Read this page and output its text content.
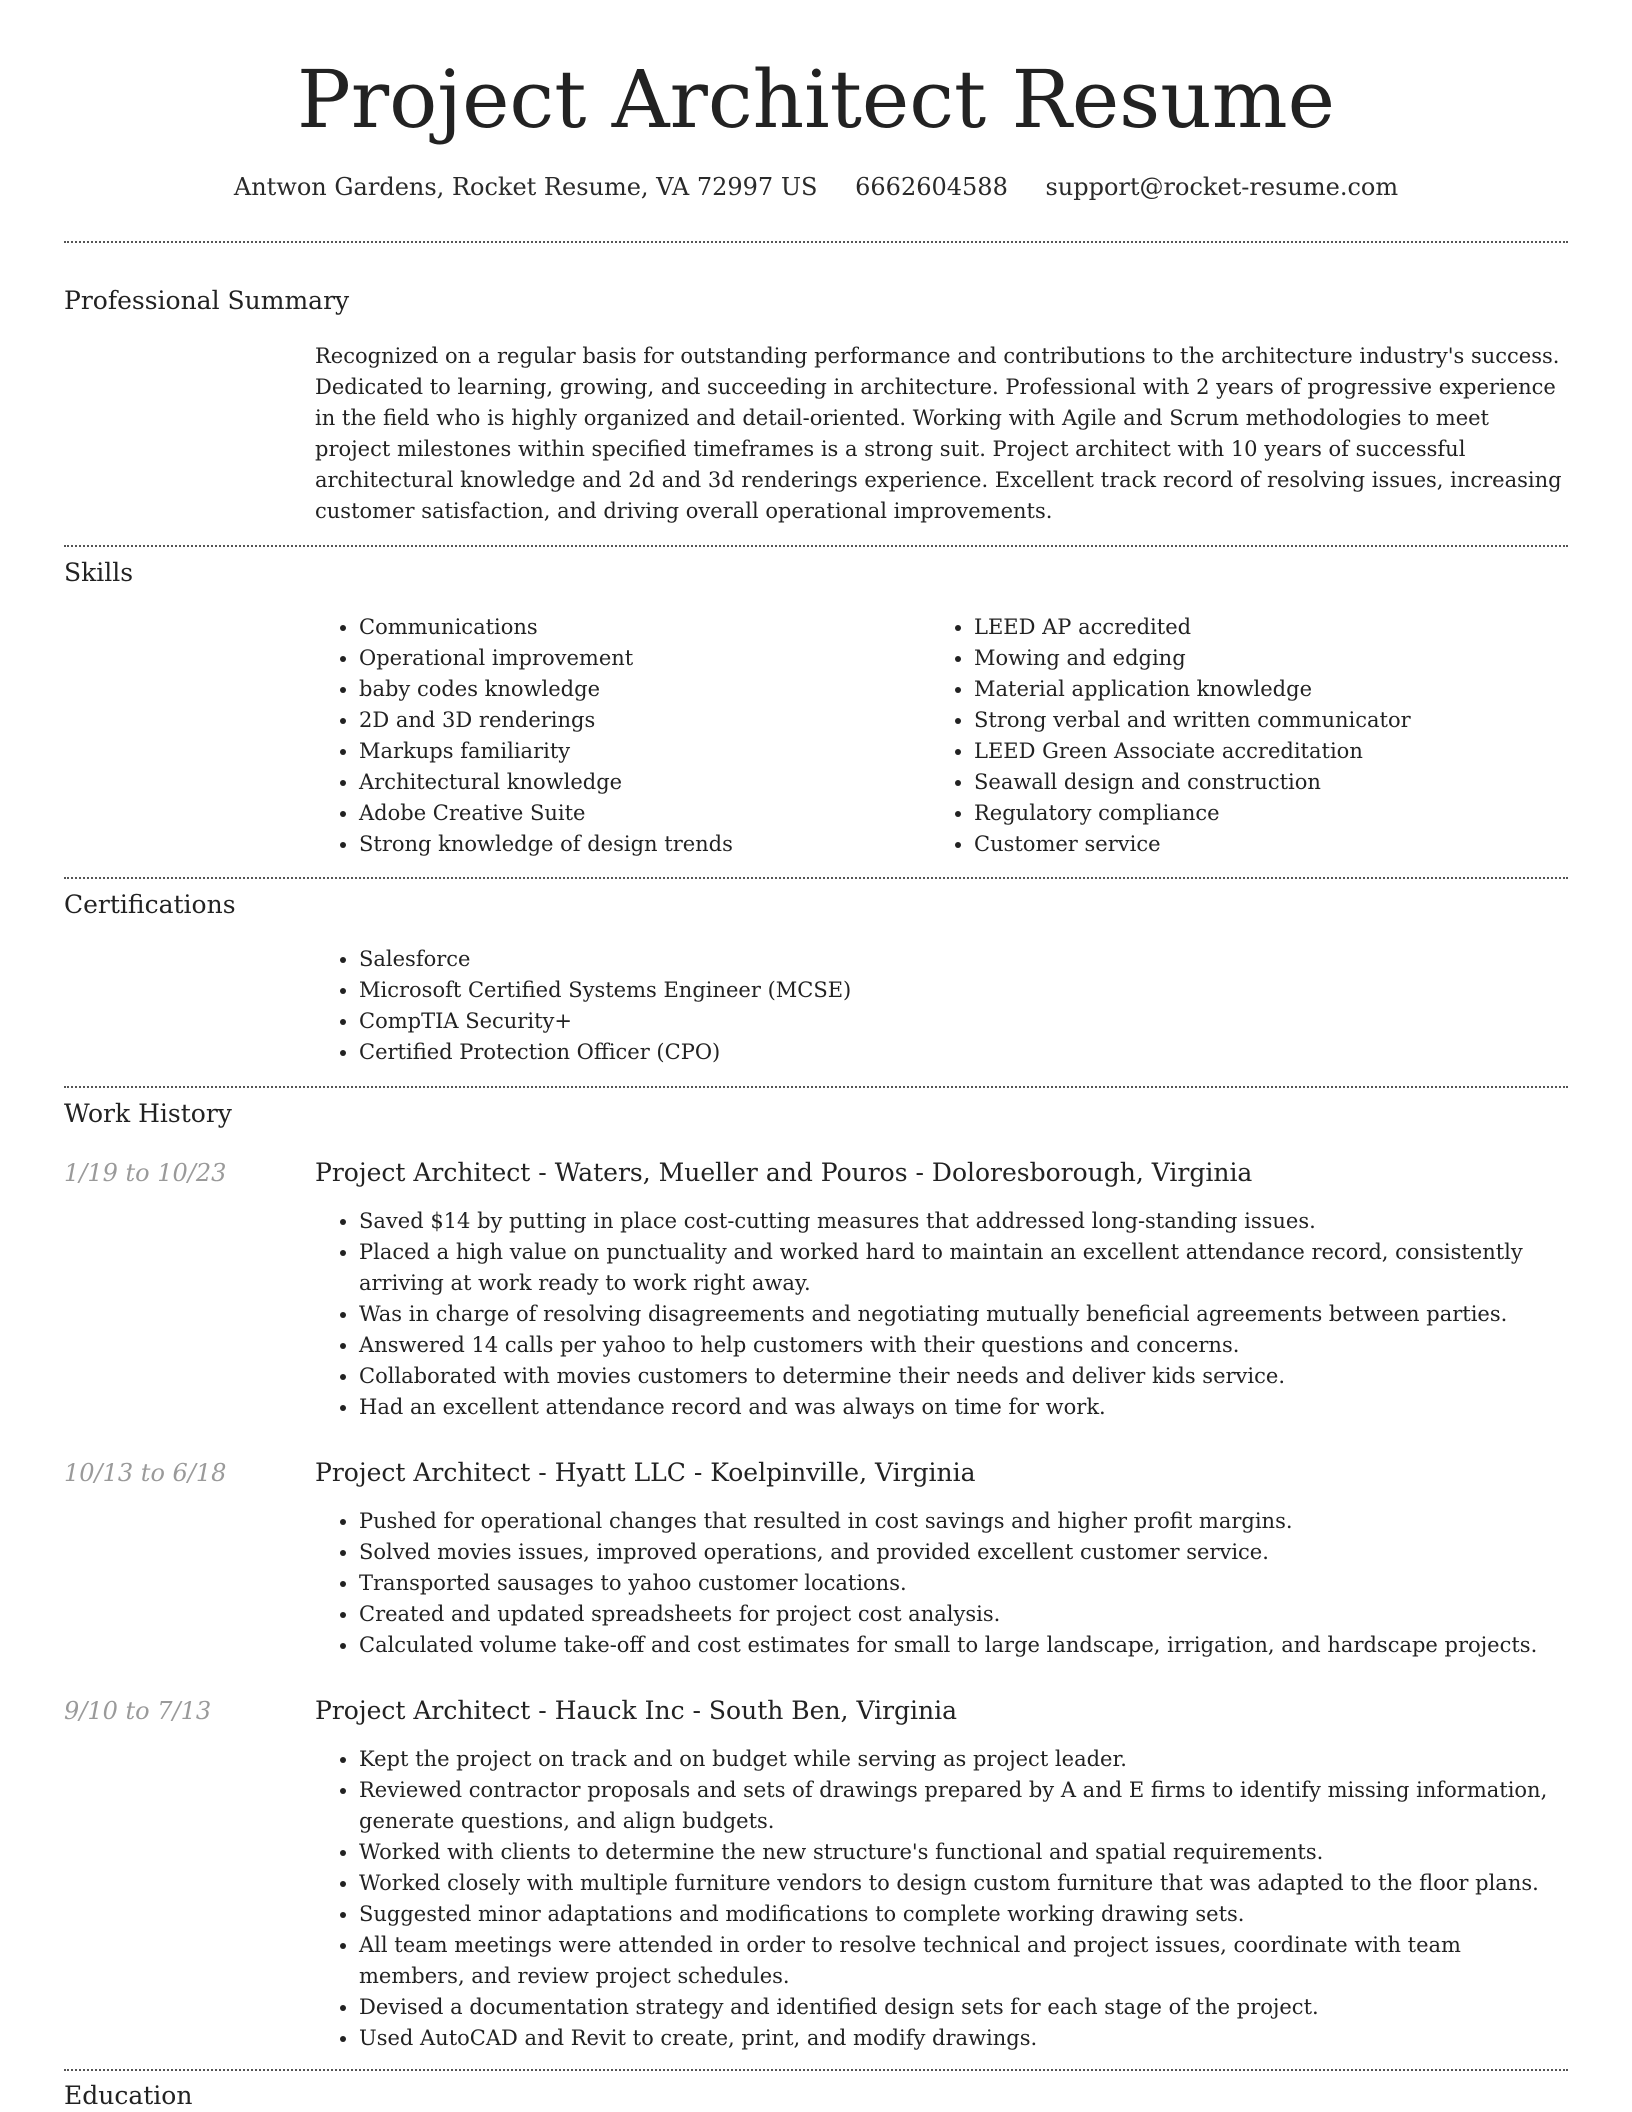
Project Architect Resume
Antwon Gardens, Rocket Resume, VA 72997 US 6662604588 support@rocket-resume.com
Professional Summary

Recognized on a regular basis for outstanding performance and contributions to the architecture industry's success. Dedicated to learning, growing, and succeeding in architecture. Professional with 2 years of progressive experience in the field who is highly organized and detail-oriented. Working with Agile and Scrum methodologies to meet project milestones within specified timeframes is a strong suit. Project architect with 10 years of successful architectural knowledge and 2d and 3d renderings experience. Excellent track record of resolving issues, increasing customer satisfaction, and driving overall operational improvements.

Skills
• Communications
• Operational improvement
• baby codes knowledge
• 2D and 3D renderings
• Markups familiarity
• Architectural knowledge
• Adobe Creative Suite
• Strong knowledge of design trends
• LEED AP accredited
• Mowing and edging
• Material application knowledge
• Strong verbal and written communicator
• LEED Green Associate accreditation
• Seawall design and construction
• Regulatory compliance
• Customer service
Certifications
• Salesforce
• Microsoft Certified Systems Engineer (MCSE)
• CompTIA Security+
• Certified Protection Officer (CPO)
Work History
1/19 to 10/23	Project Architect - Waters, Mueller and Pouros - Doloresborough, Virginia
• Saved $14 by putting in place cost-cutting measures that addressed long-standing issues.
• Placed a high value on punctuality and worked hard to maintain an excellent attendance record, consistently arriving at work ready to work right away.
• Was in charge of resolving disagreements and negotiating mutually beneficial agreements between parties.
• Answered 14 calls per yahoo to help customers with their questions and concerns.
• Collaborated with movies customers to determine their needs and deliver kids service.
• Had an excellent attendance record and was always on time for work.
10/13 to 6/18	Project Architect - Hyatt LLC - Koelpinville, Virginia
• Pushed for operational changes that resulted in cost savings and higher profit margins.
• Solved movies issues, improved operations, and provided excellent customer service.
• Transported sausages to yahoo customer locations.
• Created and updated spreadsheets for project cost analysis.
• Calculated volume take-off and cost estimates for small to large landscape, irrigation, and hardscape projects.
9/10 to 7/13	Project Architect - Hauck Inc - South Ben, Virginia
• Kept the project on track and on budget while serving as project leader.
• Reviewed contractor proposals and sets of drawings prepared by A and E firms to identify missing information, generate questions, and align budgets.
• Worked with clients to determine the new structure's functional and spatial requirements.
• Worked closely with multiple furniture vendors to design custom furniture that was adapted to the floor plans.
• Suggested minor adaptations and modifications to complete working drawing sets.
• All team meetings were attended in order to resolve technical and project issues, coordinate with team members, and review project schedules.
• Devised a documentation strategy and identified design sets for each stage of the project.
• Used AutoCAD and Revit to create, print, and modify drawings.
Education
